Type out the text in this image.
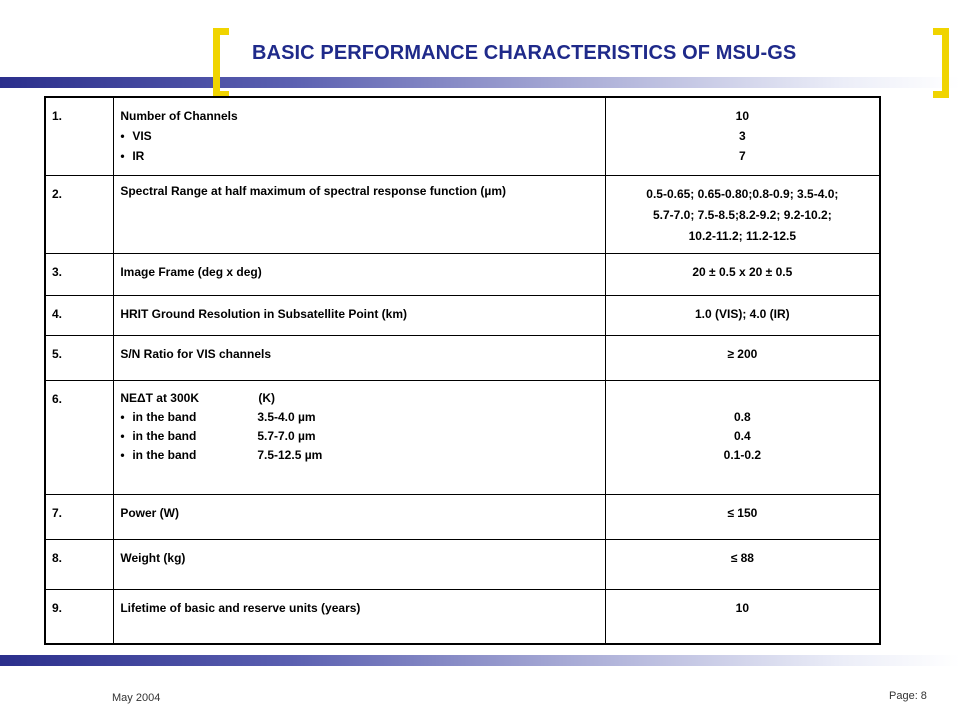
BASIC PERFORMANCE CHARACTERISTICS OF MSU-GS
1.	Number of Channels
• VIS
• IR	10
3
7

2.	Spectral Range at half maximum of spectral response function (µm)	0.5-0.65; 0.65-0.80;0.8-0.9; 3.5-4.0;
5.7-7.0; 7.5-8.5;8.2-9.2; 9.2-10.2;
10.2-11.2; 11.2-12.5

3.	Image Frame (deg x deg)	20 ± 0.5 x 20 ± 0.5
4.	HRIT Ground Resolution in Subsatellite Point (km)	1.0 (VIS); 4.0 (IR)
5.	S/N Ratio for VIS channels	≥ 200
6.	NEΔT at 300K (K)
• in the band 3.5-4.0 µm
• in the band 5.7-7.0 µm
• in the band 7.5-12.5 µm	0.8
0.4
0.1-0.2

7.	Power (W)	≤ 150
8.	Weight (kg)	≤ 88
9.	Lifetime of basic and reserve units (years)	10
May 2004	Page: 8
